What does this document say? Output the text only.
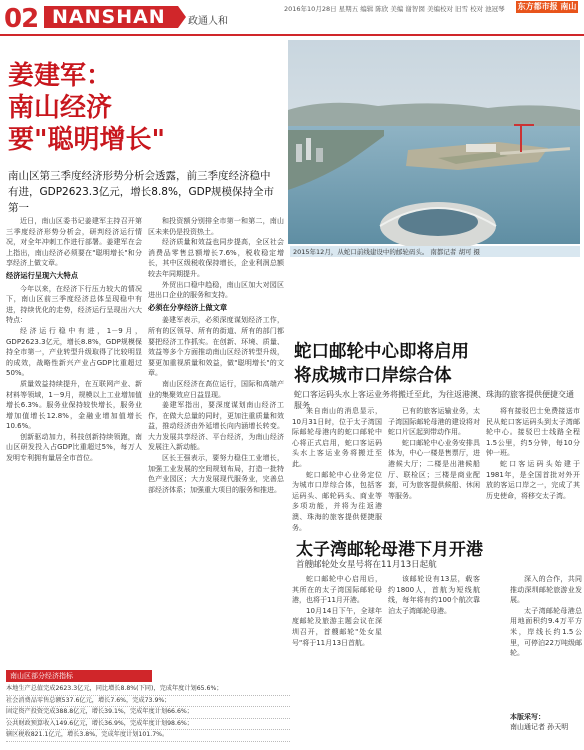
02 NANSHAN	政通人和
2016年10月28日 星期五 编辑 陈欣 美编 谢智囡 美编校对 旧雪 校对 池冠琴 东方都市报 南山
姜建军：
南山经济
要"聪明增长"
南山区第三季度经济形势分析会透露，前三季度经济稳中有进，GDP2623.3亿元，增长8.8%，GDP规模保持全市第一

近日，南山区委书记姜建军主持召开第三季度经济形势分析会，研判经济运行情况，对全年冲刺工作进行部署。姜建军在会上指出，南山经济必须要在"聪明增长"和分享经济上做文章。

经济运行呈现六大特点

今年以来，在经济下行压力较大的情况下，南山区前三季度经济总体呈现稳中有进，持续优化的走势，经济运行呈现出六大特点：

经济运行稳中有进，1－9月，GDP2623.3亿元，增长8.8%，GDP规模保持全市第一，产业转型升级取得了比较明显的成效，战略性新兴产业占GDP比重超过50%。

质量效益持续提升，在互联网产业、新材料等领域，1－9月，规模以上工业增加值增长6.3%。服务业保持较快增长，服务业增加值增长12.8%，金融业增加值增长10.6%。

创新驱动加力，科技创新持续领跑，南山区研发投入占GDP比重超过5%，每万人发明专利拥有量居全市首位。

和投资额分别排全市第一和第二，南山区未来仍是投资热土。

经济质量和效益也同步提高，全区社会消费品零售总额增长7.6%，税收稳定增长，其中区级税收保持增长，企业利润总额较去年同期提升。

外贸出口稳中趋稳，南山区加大对园区进出口企业的服务和支持。

必须在分享经济上做文章

姜建军表示，必须深度谋划经济工作，所有的区领导、所有的街道、所有的部门都要把经济工作抓实。在创新、环境、质量、效益等多个方面推动南山区经济转型升级，要更加重视质量和效益，做"聪明增长"的文章。

南山区经济在高位运行，国际和高端产业的集聚效应日益显现。

姜建军指出，要深度谋划南山经济工作，在做大总量的同时，更加注重质量和效益，推动经济由外延增长向内涵增长转变。大力发展共享经济、平台经济，为南山经济发展注入新动能。

区长王强表示，要努力稳住工业增长，加强工业发展的空间规划布局，打造一批特色产业园区；大力发展现代服务业，完善总部经济体系；加强重大项目的服务和推进。

南山区部分经济指标
本地生产总值完成2623.3亿元，同比增长8.8%(下同)，完成年度计划65.6%；
社会消费品零售总额537.6亿元，增长7.6%，完成73.9%；
固定资产投资完成388.8亿元，增长39.1%，完成年度计划66.6%；
公共财政预算收入149.6亿元，增长36.9%，完成年度计划98.6%；
辖区税收821.1亿元，增长3.8%，完成年度计划101.7%。
2015年12月，从蛇口前线建设中的邮轮码头。 南都记者 胡可 摄
蛇口邮轮中心即将启用
将成城市口岸综合体
蛇口客运码头水上客运业务将搬迁至此，为往返港澳、珠海的旅客提供便捷交通服务

来自南山的消息显示，10月31日时，位于太子湾国际邮轮母港内的蛇口邮轮中心将正式启用，蛇口客运码头水上客运业务将搬迁至此。

蛇口邮轮中心业务定位为城市口岸综合体，包括客运码头、邮轮码头、商业等多项功能，并将为往返港澳、珠海的旅客提供便捷服务。

已有的旅客运输业务，太子湾国际邮轮母港的建设将对蛇口片区起到带动作用。

蛇口邮轮中心业务安排具体为，中心一楼是售票厅，进港候大厅；二楼是出港候船厅、联检区；三楼是商业配套，可为旅客提供候船、休闲等服务。

将有接驳巴士免费接送市民从蛇口客运码头到太子湾邮轮中心。接驳巴士线路全程1.5公里，约5分钟，每10分钟一班。

蛇口客运码头始建于1981年，是全国首批对外开放的客运口岸之一，完成了其历史使命，将移交太子湾。

太子湾邮轮母港下月开港
首艘邮轮处女星号将在11月13日起航

蛇口邮轮中心启用后，其所在的太子湾国际邮轮母港，也将于11月开港。

10月14日下午，全球年度邮轮及旅游主题会议在深圳召开，首艘邮轮"处女星号"将于11月13日首航。

该邮轮设有13层，载客约1800人，首航为短线航线，每年将有约100个航次靠泊太子湾邮轮母港。

深入的合作，共同推动深圳邮轮旅游业发展。

太子湾邮轮母港总用地面积约9.4万平方米，岸线长约1.5公里，可停泊22万吨级邮轮。

本版采写：
南山通记者 孙天明
